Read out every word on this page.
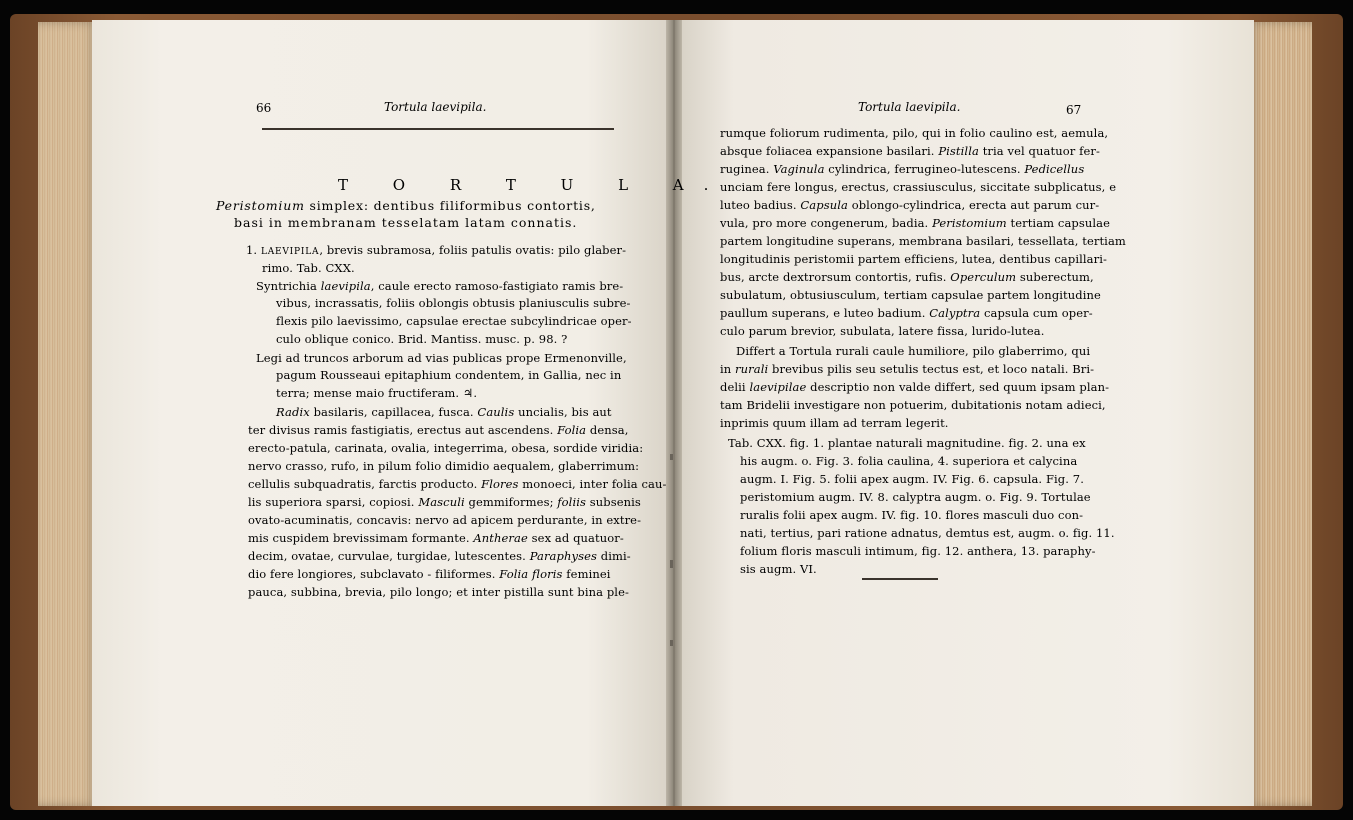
66	Tortula laevipila.
T O R T U L A.
Peristomium simplex: dentibus filiformibus contortis,
basi in membranam tesselatam latam connatis.
1. LAEVIPILA, brevis subramosa, foliis patulis ovatis: pilo glaber-
rimo. Tab. CXX.
Syntrichia laevipila, caule erecto ramoso-fastigiato ramis bre-
vibus, incrassatis, foliis oblongis obtusis planiusculis subre-
flexis pilo laevissimo, capsulae erectae subcylindricae oper-
culo oblique conico. Brid. Mantiss. musc. p. 98. ?
Legi ad truncos arborum ad vias publicas prope Ermenonville,
pagum Rousseaui epitaphium condentem, in Gallia, nec in
terra; mense maio fructiferam. ♃.
Radix basilaris, capillacea, fusca. Caulis uncialis, bis aut
ter divisus ramis fastigiatis, erectus aut ascendens. Folia densa,
erecto-patula, carinata, ovalia, integerrima, obesa, sordide viridia:
nervo crasso, rufo, in pilum folio dimidio aequalem, glaberrimum:
cellulis subquadratis, farctis producto. Flores monoeci, inter folia cau-
lis superiora sparsi, copiosi. Masculi gemmiformes; foliis subsenis
ovato-acuminatis, concavis: nervo ad apicem perdurante, in extre-
mis cuspidem brevissimam formante. Antherae sex ad quatuor-
decim, ovatae, curvulae, turgidae, lutescentes. Paraphyses dimi-
dio fere longiores, subclavato - filiformes. Folia floris feminei
pauca, subbina, brevia, pilo longo; et inter pistilla sunt bina ple-
Tortula laevipila.	67
rumque foliorum rudimenta, pilo, qui in folio caulino est, aemula,
absque foliacea expansione basilari. Pistilla tria vel quatuor fer-
ruginea. Vaginula cylindrica, ferrugineo-lutescens. Pedicellus
unciam fere longus, erectus, crassiusculus, siccitate subplicatus, e
luteo badius. Capsula oblongo-cylindrica, erecta aut parum cur-
vula, pro more congenerum, badia. Peristomium tertiam capsulae
partem longitudine superans, membrana basilari, tessellata, tertiam
longitudinis peristomii partem efficiens, lutea, dentibus capillari-
bus, arcte dextrorsum contortis, rufis. Operculum suberectum,
subulatum, obtusiusculum, tertiam capsulae partem longitudine
paullum superans, e luteo badium. Calyptra capsula cum oper-
culo parum brevior, subulata, latere fissa, lurido-lutea.
Differt a Tortula rurali caule humiliore, pilo glaberrimo, qui
in rurali brevibus pilis seu setulis tectus est, et loco natali. Bri-
delii laevipilae descriptio non valde differt, sed quum ipsam plan-
tam Bridelii investigare non potuerim, dubitationis notam adieci,
inprimis quum illam ad terram legerit.
Tab. CXX. fig. 1. plantae naturali magnitudine. fig. 2. una ex
his augm. o. Fig. 3. folia caulina, 4. superiora et calycina
augm. I. Fig. 5. folii apex augm. IV. Fig. 6. capsula. Fig. 7.
peristomium augm. IV. 8. calyptra augm. o. Fig. 9. Tortulae
ruralis folii apex augm. IV. fig. 10. flores masculi duo con-
nati, tertius, pari ratione adnatus, demtus est, augm. o. fig. 11.
folium floris masculi intimum, fig. 12. anthera, 13. paraphy-
sis augm. VI.
